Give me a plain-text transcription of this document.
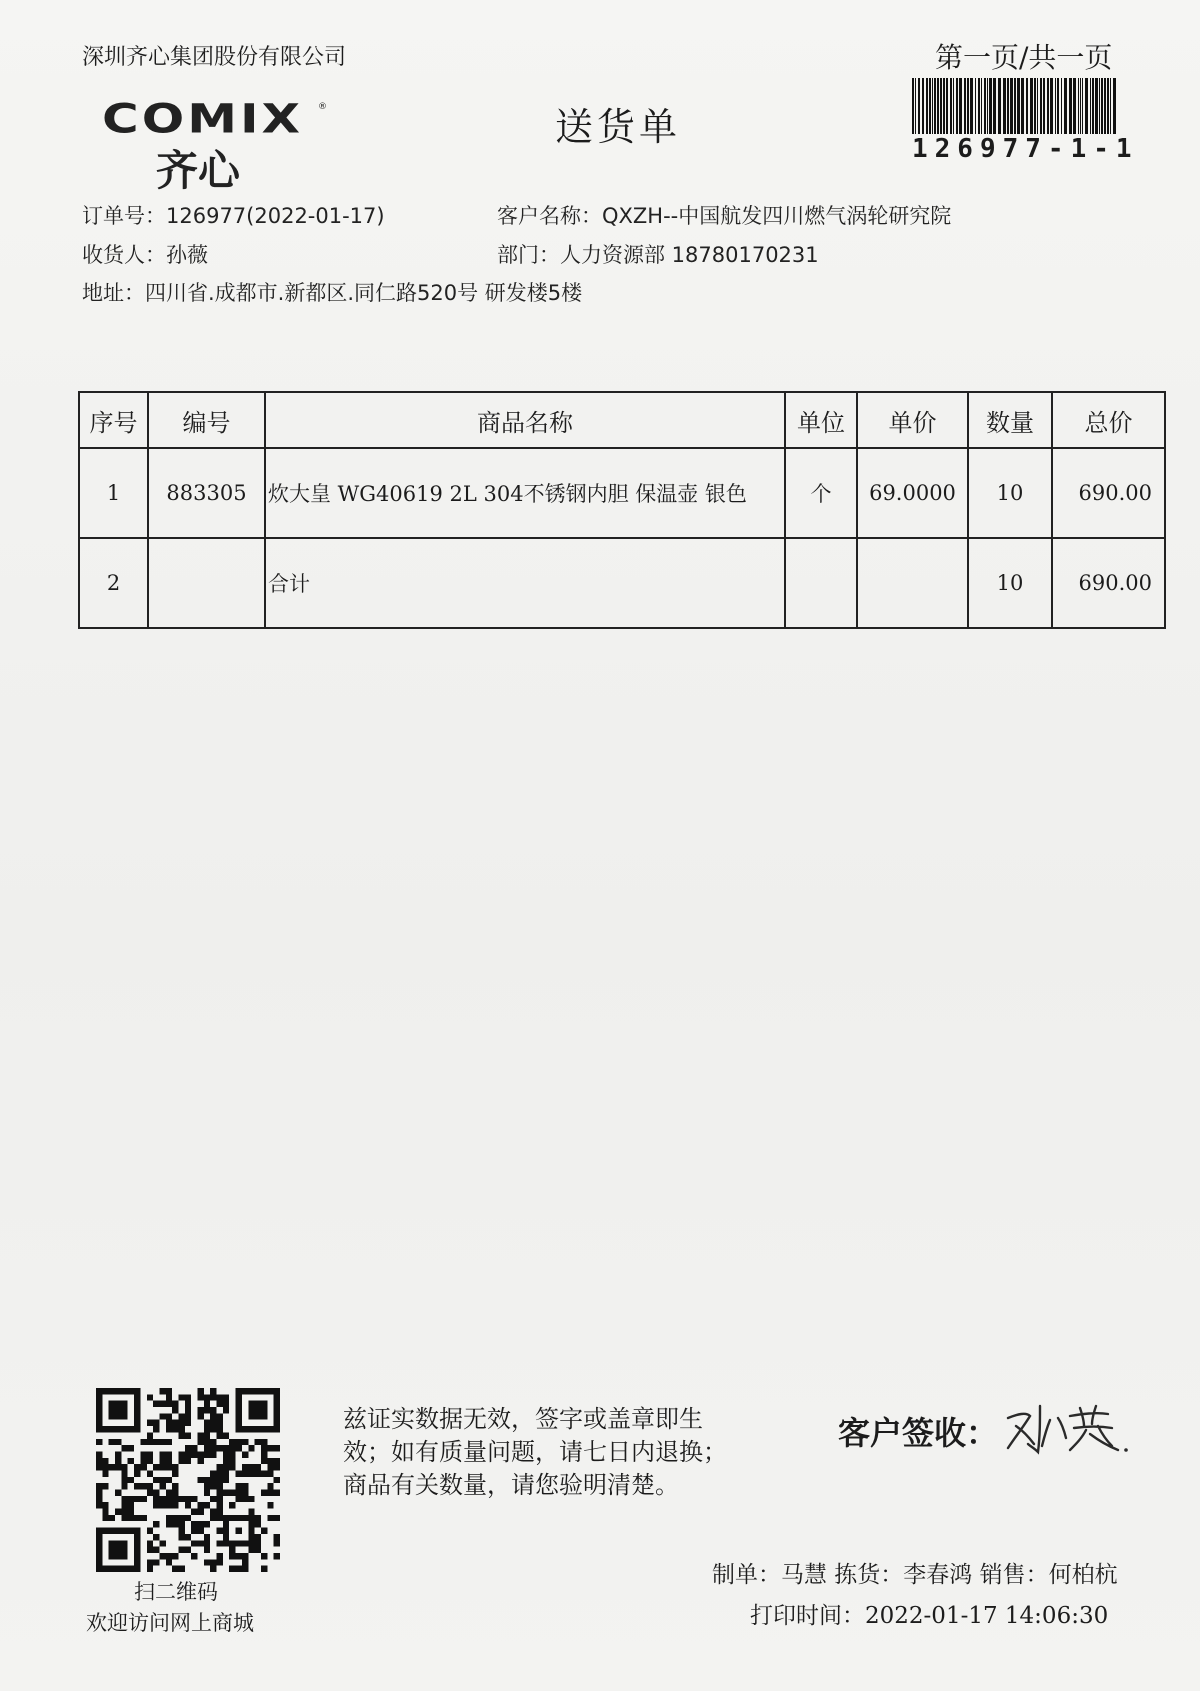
深圳齐心集团股份有限公司
COMIX ®
齐心
送货单
第一页/共一页
126977-1-1
订单号：126977(2022-01-17)	客户名称：QXZH--中国航发四川燃气涡轮研究院
收货人：孙薇	部门：人力资源部 18780170231
地址：四川省.成都市.新都区.同仁路520号 研发楼5楼
序号	编号	商品名称	单位	单价	数量	总价
1	883305	炊大皇 WG40619 2L 304不锈钢内胆 保温壶 银色	个	69.0000	10	690.00
2		合计			10	690.00
扫二维码
欢迎访问网上商城
兹证实数据无效，签字或盖章即生
效；如有质量问题，请七日内退换；
商品有关数量，请您验明清楚。
客户签收：
制单：马慧 拣货：李春鸿 销售：何柏杭
打印时间：2022-01-17 14:06:30
